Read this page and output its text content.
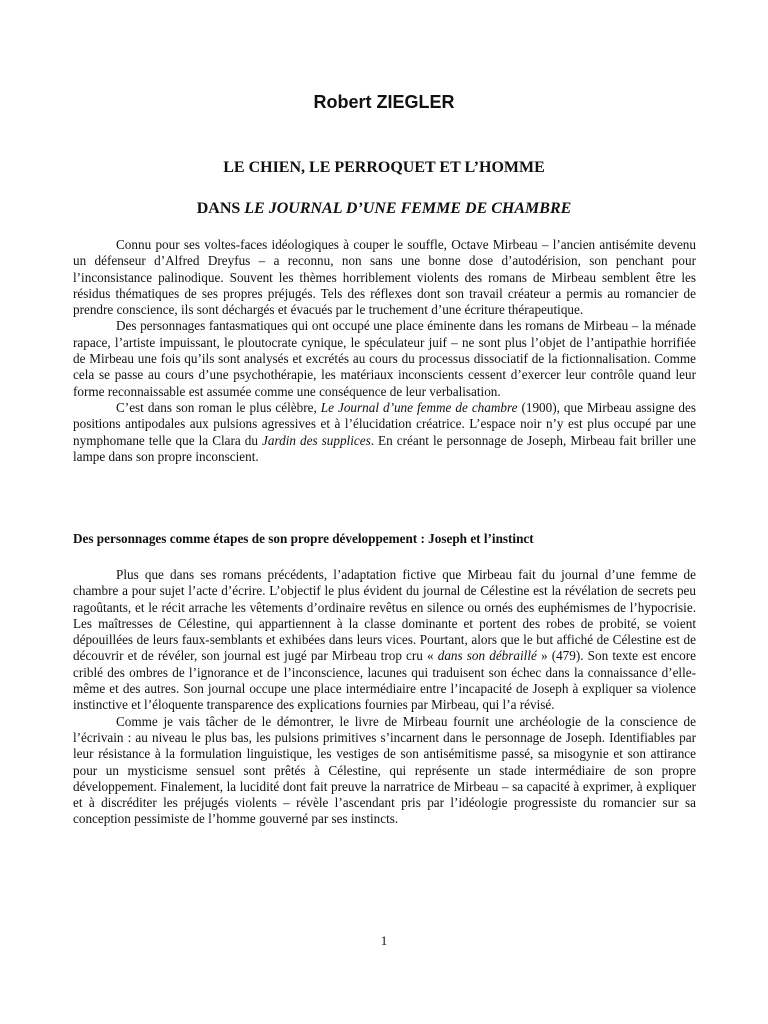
Robert ZIEGLER
LE CHIEN, LE PERROQUET ET L’HOMME
DANS LE JOURNAL D’UNE FEMME DE CHAMBRE

Connu pour ses voltes-faces idéologiques à couper le souffle, Octave Mirbeau – l’ancien antisémite devenu un défenseur d’Alfred Dreyfus – a reconnu, non sans une bonne dose d’autodérision, son penchant pour l’inconsistance palinodique. Souvent les thèmes horriblement violents des romans de Mirbeau semblent être les résidus thématiques de ses propres préjugés. Tels des réflexes dont son travail créateur a permis au romancier de prendre conscience, ils sont déchargés et évacués par le truchement d’une écriture thérapeutique.

Des personnages fantasmatiques qui ont occupé une place éminente dans les romans de Mirbeau – la ménade rapace, l’artiste impuissant, le ploutocrate cynique, le spéculateur juif – ne sont plus l’objet de l’antipathie horrifiée de Mirbeau une fois qu’ils sont analysés et excrétés au cours du processus dissociatif de la fictionnalisation. Comme cela se passe au cours d’une psychothérapie, les matériaux inconscients cessent d’exercer leur contrôle quand leur forme reconnaissable est assumée comme une conséquence de leur verbalisation.

C’est dans son roman le plus célèbre, Le Journal d’une femme de chambre (1900), que Mirbeau assigne des positions antipodales aux pulsions agressives et à l’élucidation créatrice. L’espace noir n’y est plus occupé par une nymphomane telle que la Clara du Jardin des supplices. En créant le personnage de Joseph, Mirbeau fait briller une lampe dans son propre inconscient.

Des personnages comme étapes de son propre développement : Joseph et l’instinct

Plus que dans ses romans précédents, l’adaptation fictive que Mirbeau fait du journal d’une femme de chambre a pour sujet l’acte d’écrire. L’objectif le plus évident du journal de Célestine est la révélation de secrets peu ragoûtants, et le récit arrache les vêtements d’ordinaire revêtus en silence ou ornés des euphémismes de l’hypocrisie. Les maîtresses de Célestine, qui appartiennent à la classe dominante et portent des robes de probité, se voient dépouillées de leurs faux-semblants et exhibées dans leurs vices. Pourtant, alors que le but affiché de Célestine est de découvrir et de révéler, son journal est jugé par Mirbeau trop cru « dans son débraillé » (479). Son texte est encore criblé des ombres de l’ignorance et de l’inconscience, lacunes qui traduisent son échec dans la connaissance d’elle-même et des autres. Son journal occupe une place intermédiaire entre l’incapacité de Joseph à expliquer sa violence instinctive et l’éloquente transparence des explications fournies par Mirbeau, qui l’a révisé.

Comme je vais tâcher de le démontrer, le livre de Mirbeau fournit une archéologie de la conscience de l’écrivain : au niveau le plus bas, les pulsions primitives s’incarnent dans le personnage de Joseph. Identifiables par leur résistance à la formulation linguistique, les vestiges de son antisémitisme passé, sa misogynie et son attirance pour un mysticisme sensuel sont prêtés à Célestine, qui représente un stade intermédiaire de son propre développement. Finalement, la lucidité dont fait preuve la narratrice de Mirbeau – sa capacité à exprimer, à expliquer et à discréditer les préjugés violents – révèle l’ascendant pris par l’idéologie progressiste du romancier sur sa conception pessimiste de l’homme gouverné par ses instincts.

1
